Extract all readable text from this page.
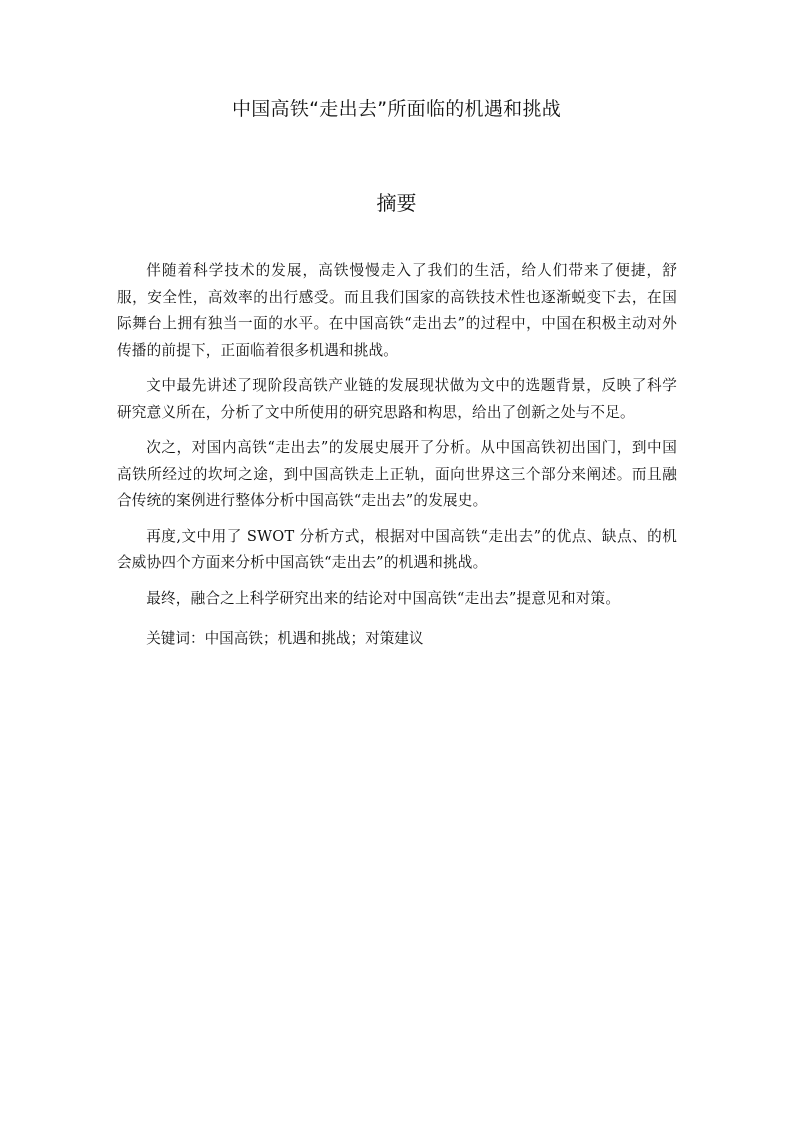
中国高铁“走出去”所面临的机遇和挑战
摘要

伴随着科学技术的发展，高铁慢慢走入了我们的生活，给人们带来了便捷，舒服，安全性，高效率的出行感受。而且我们国家的高铁技术性也逐渐蜕变下去，在国际舞台上拥有独当一面的水平。在中国高铁“走出去”的过程中，中国在积极主动对外传播的前提下，正面临着很多机遇和挑战。

文中最先讲述了现阶段高铁产业链的发展现状做为文中的选题背景，反映了科学研究意义所在，分析了文中所使用的研究思路和构思，给出了创新之处与不足。

次之，对国内高铁“走出去”的发展史展开了分析。从中国高铁初出国门，到中国高铁所经过的坎坷之途，到中国高铁走上正轨，面向世界这三个部分来阐述。而且融合传统的案例进行整体分析中国高铁“走出去”的发展史。

再度,文中用了 SWOT 分析方式，根据对中国高铁“走出去”的优点、缺点、的机会威协四个方面来分析中国高铁“走出去”的机遇和挑战。

最终，融合之上科学研究出来的结论对中国高铁“走出去”提意见和对策。

关键词：中国高铁；机遇和挑战；对策建议
